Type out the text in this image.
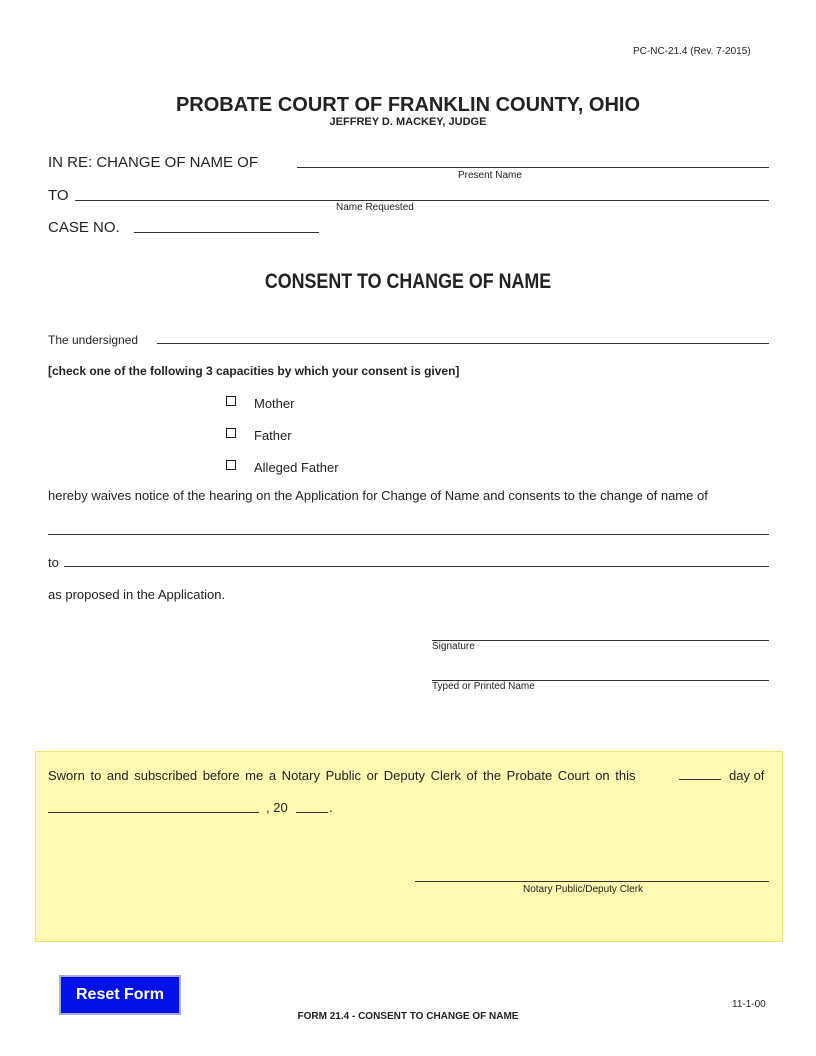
PC-NC-21.4 (Rev. 7-2015)
PROBATE COURT OF FRANKLIN COUNTY, OHIO
JEFFREY D. MACKEY, JUDGE
IN RE: CHANGE OF NAME OF
Present Name
TO
Name Requested
CASE NO.
CONSENT TO CHANGE OF NAME
The undersigned
[check one of the following 3 capacities by which your consent is given]
Mother
Father
Alleged Father
hereby waives notice of the hearing on the Application for Change of Name and consents to the change of name of
to
as proposed in the Application.
Signature
Typed or Printed Name
Sworn to and subscribed before me a Notary Public or Deputy Clerk of the Probate Court on this	day of
, 20	.
Notary Public/Deputy Clerk
Reset Form
11-1-00
FORM 21.4 - CONSENT TO CHANGE OF NAME
